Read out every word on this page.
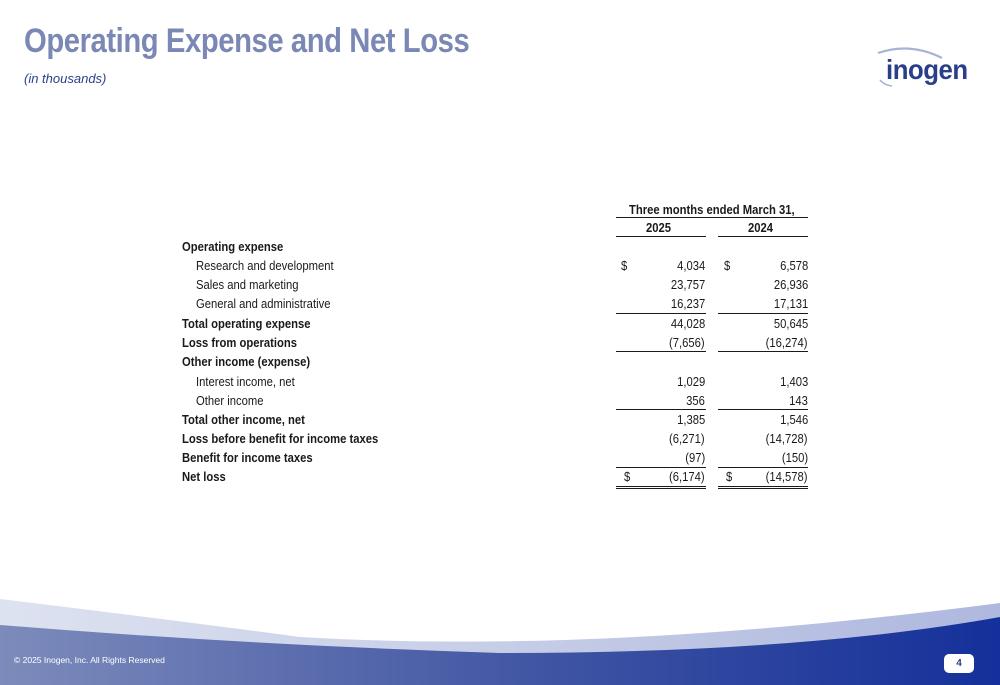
Operating Expense and Net Loss
(in thousands)	inogen
Three months ended March 31,
2025	2024
Operating expense
Research and development	$	4,034 $	6,578
Sales and marketing	23,757	26,936
General and administrative	16,237	17,131
Total operating expense	44,028	50,645
Loss from operations	(7,656)	(16,274)
Other income (expense)
Interest income, net	1,029	1,403
Other income	356	143
Total other income, net	1,385	1,546
Loss before benefit for income taxes	(6,271)	(14,728)
Benefit for income taxes	(97)	(150)
Net loss	$	(6,174) $	(14,578)
© 2025 Inogen, Inc. All Rights Reserved	4
